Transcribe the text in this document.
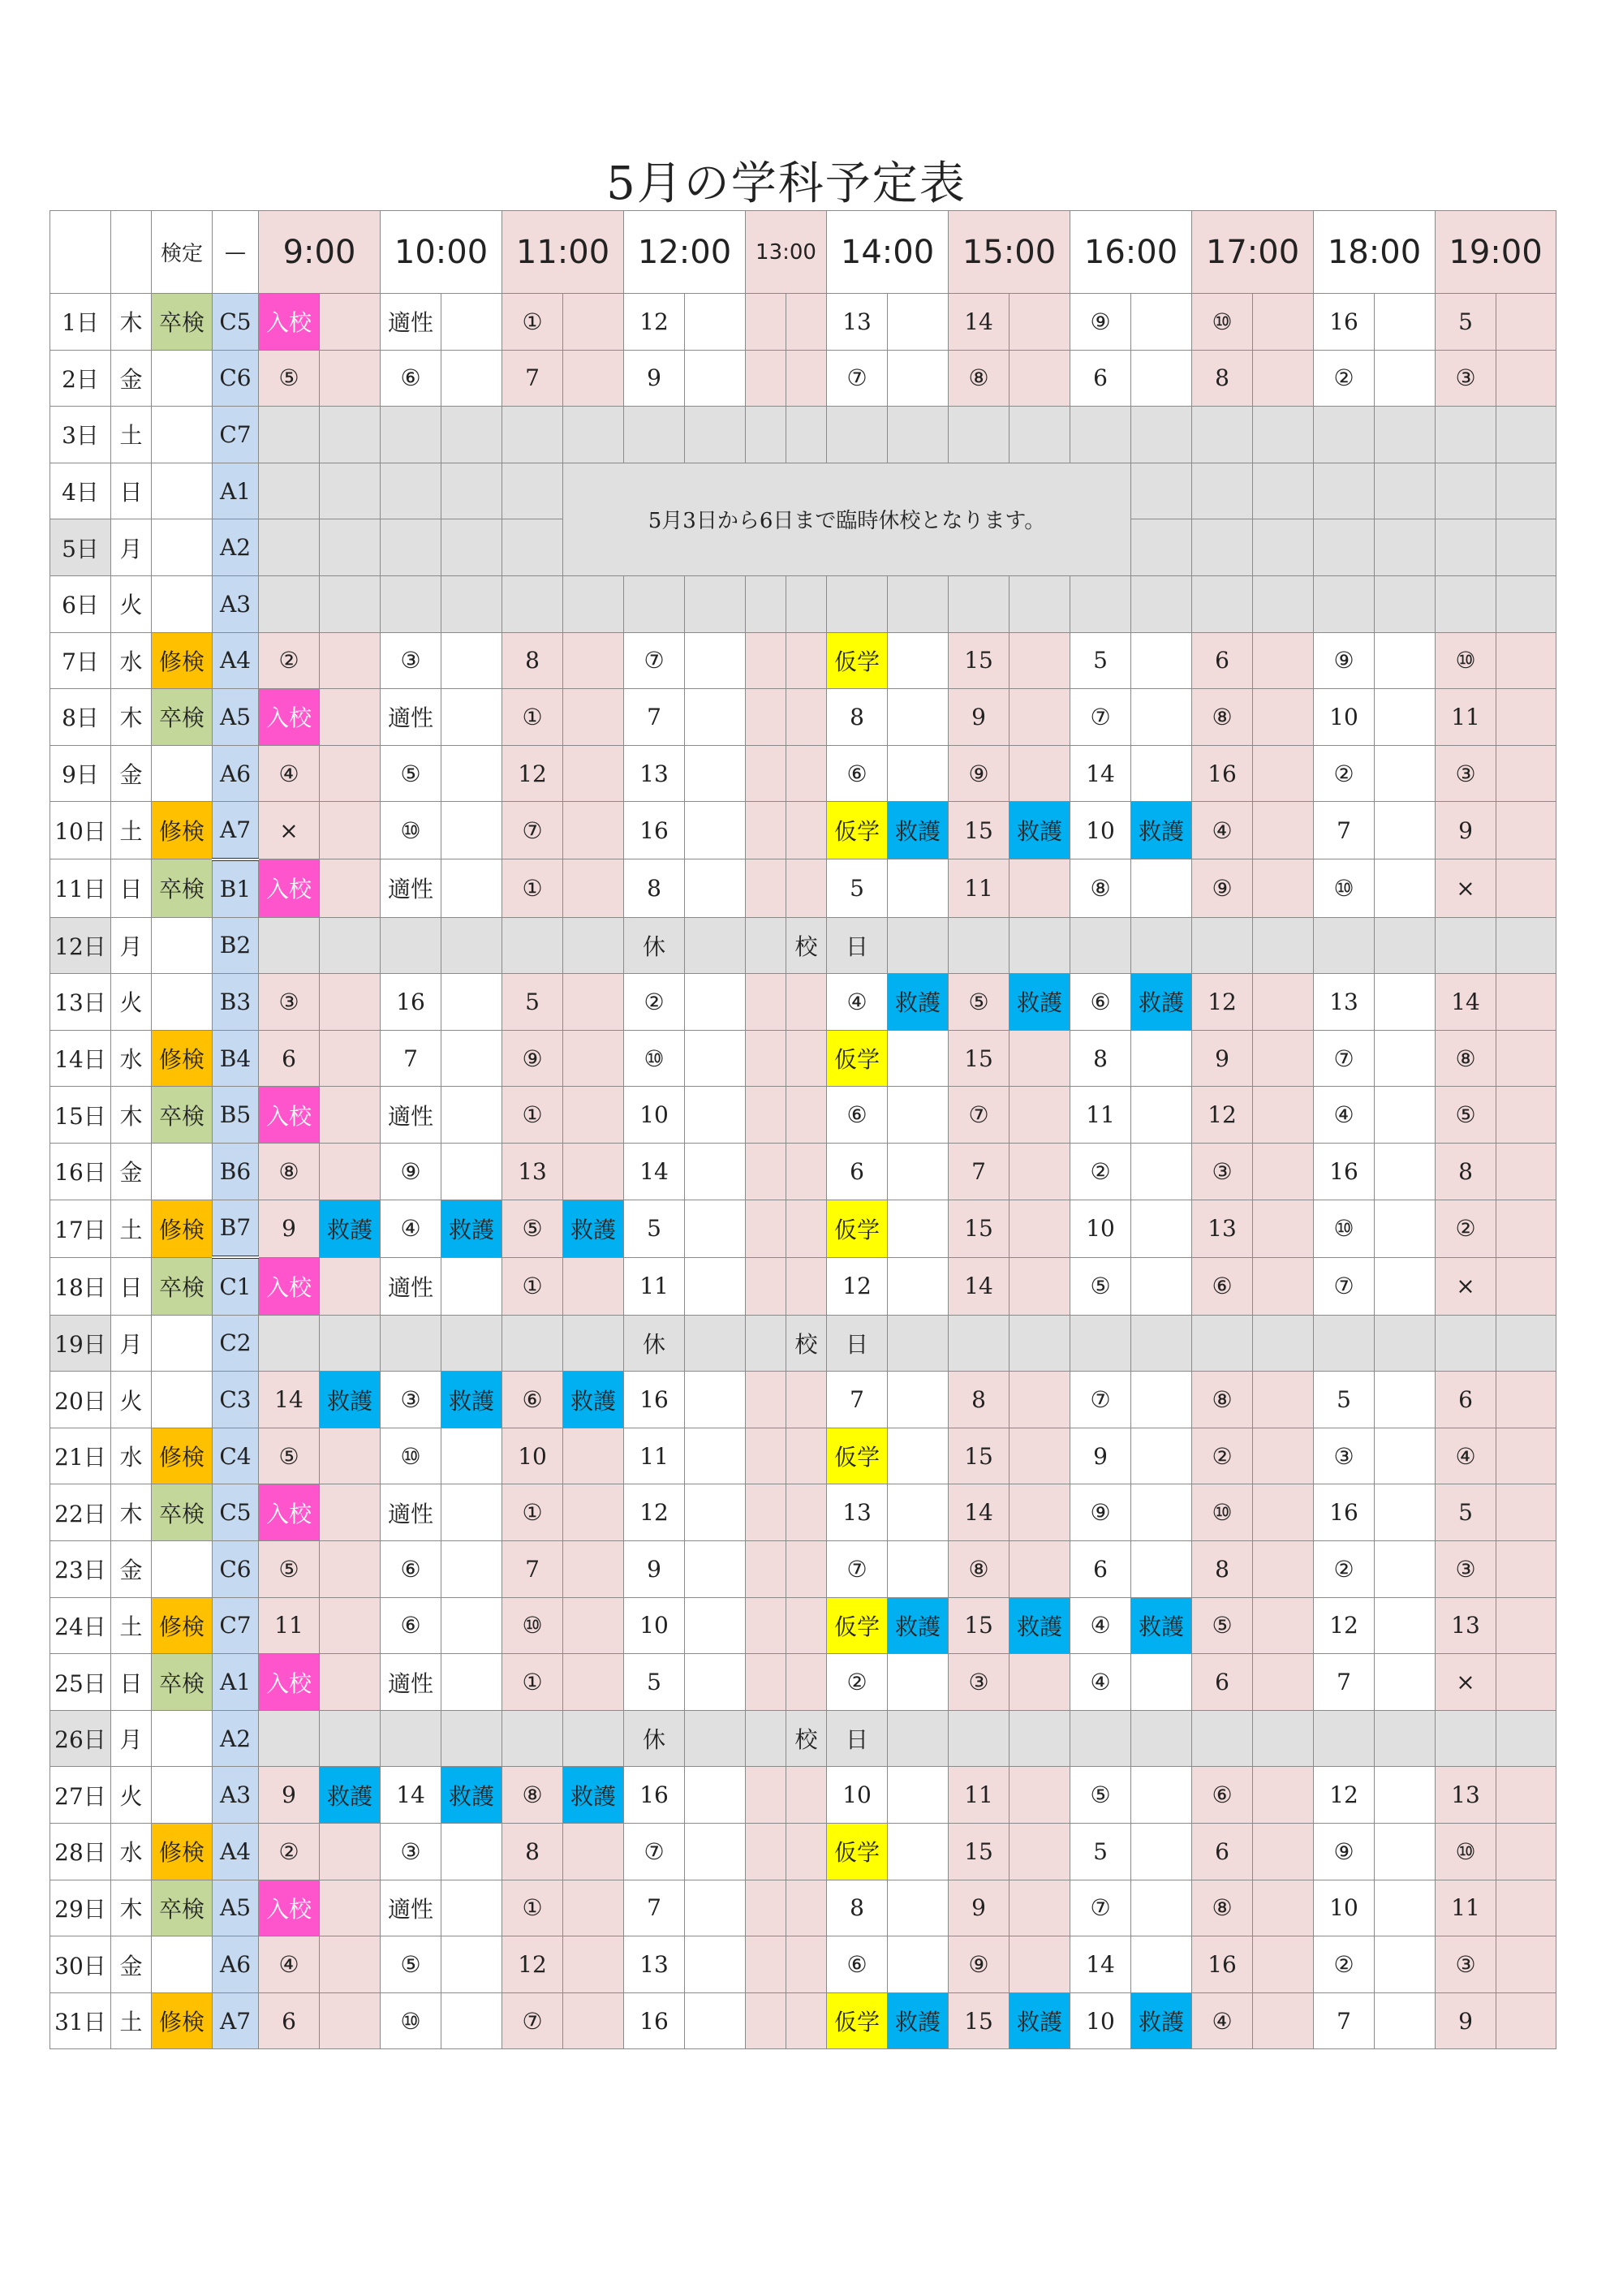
5月の学科予定表
		検定	—	9:00		10:00		11:00		12:00		13:00		14:00		15:00		16:00		17:00		18:00		19:00	
1日	木	卒検	C5	入校		適性		①		12				13		14		⑨		⑩		16		5	
2日	金		C6	⑤		⑥		7		9				⑦		⑧		6		8		②		③	
3日	土		C7																						
4日	日		A1						5月3日から6日まで臨時休校となります。																
5日	月		A2																						
6日	火		A3																						
7日	水	修検	A4	②		③		8		⑦				仮学		15		5		6		⑨		⑩	
8日	木	卒検	A5	入校		適性		①		7				8		9		⑦		⑧		10		11	
9日	金		A6	④		⑤		12		13				⑥		⑨		14		16		②		③	
10日	土	修検	A7	×		⑩		⑦		16				仮学	救護	15	救護	10	救護	④		7		9	
11日	日	卒検	B1	入校		適性		①		8				5		11		⑧		⑨		⑩		×	
12日	月		B2							休			校	日											
13日	火		B3	③		16		5		②				④	救護	⑤	救護	⑥	救護	12		13		14	
14日	水	修検	B4	6		7		⑨		⑩				仮学		15		8		9		⑦		⑧	
15日	木	卒検	B5	入校		適性		①		10				⑥		⑦		11		12		④		⑤	
16日	金		B6	⑧		⑨		13		14				6		7		②		③		16		8	
17日	土	修検	B7	9	救護	④	救護	⑤	救護	5				仮学		15		10		13		⑩		②	
18日	日	卒検	C1	入校		適性		①		11				12		14		⑤		⑥		⑦		×	
19日	月		C2							休			校	日											
20日	火		C3	14	救護	③	救護	⑥	救護	16				7		8		⑦		⑧		5		6	
21日	水	修検	C4	⑤		⑩		10		11				仮学		15		9		②		③		④	
22日	木	卒検	C5	入校		適性		①		12				13		14		⑨		⑩		16		5	
23日	金		C6	⑤		⑥		7		9				⑦		⑧		6		8		②		③	
24日	土	修検	C7	11		⑥		⑩		10				仮学	救護	15	救護	④	救護	⑤		12		13	
25日	日	卒検	A1	入校		適性		①		5				②		③		④		6		7		×	
26日	月		A2							休			校	日											
27日	火		A3	9	救護	14	救護	⑧	救護	16				10		11		⑤		⑥		12		13	
28日	水	修検	A4	②		③		8		⑦				仮学		15		5		6		⑨		⑩	
29日	木	卒検	A5	入校		適性		①		7				8		9		⑦		⑧		10		11	
30日	金		A6	④		⑤		12		13				⑥		⑨		14		16		②		③	
31日	土	修検	A7	6		⑩		⑦		16				仮学	救護	15	救護	10	救護	④		7		9	
